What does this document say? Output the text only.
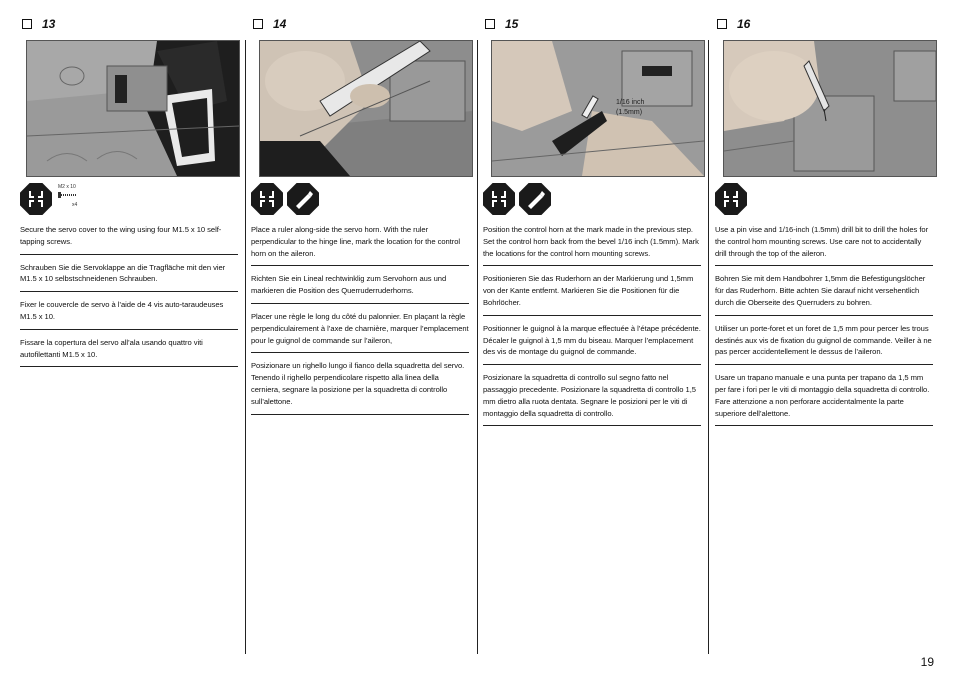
13
M2 x 10
x4
Secure the servo cover to the wing using four M1.5 x 10 self-tapping screws.
Schrauben Sie die Servoklappe an die Tragfläche mit den vier M1.5 x 10 selbstschneidenen Schrauben.
Fixer le couvercle de servo à l’aide de 4 vis auto-taraudeuses M1.5 x 10.
Fissare la copertura del servo all’ala usando quattro viti autofilettanti M1.5 x 10.
14
Place a ruler along-side the servo horn. With the ruler perpendicular to the hinge line, mark the location for the control horn on the aileron.
Richten Sie ein Lineal rechtwinklig zum Servohorn aus und markieren die Position des Querruderruderhorns.
Placer une règle le long du côté du palonnier. En plaçant la règle perpendiculairement à l’axe de charnière, marquer l’emplacement pour le guignol de commande sur l’aileron,
Posizionare un righello lungo il fianco della squadretta del servo. Tenendo il righello perpendicolare rispetto alla linea della cerniera, segnare la posizione per la squadretta di controllo sull’alettone.
15
1/16 inch
(1.5mm)
Position the control horn at the mark made in the previous step. Set the control horn back from the bevel 1/16 inch (1.5mm). Mark the locations for the control horn mounting screws.
Positionieren Sie das Ruderhorn an der Markierung und 1,5mm von der Kante entfernt. Markieren Sie die Positionen für die Bohrlöcher.
Positionner le guignol à la marque effectuée à l’étape précédente. Décaler le guignol à 1,5 mm du biseau. Marquer l’emplacement des vis de montage du guignol de commande.
Posizionare la squadretta di controllo sul segno fatto nel passaggio precedente. Posizionare la squadretta di controllo 1,5 mm dietro alla ruota dentata. Segnare le posizioni per le viti di montaggio della squadretta di controllo.
16
Use a pin vise and 1/16-inch (1.5mm) drill bit to drill the holes for the control horn mounting screws. Use care not to accidentally drill through the top of the aileron.
Bohren Sie mit dem Handbohrer 1,5mm die Befestigungslöcher für das Ruderhorn. Bitte achten Sie darauf nicht versehentlich durch die Oberseite des Querruders zu bohren.
Utiliser un porte-foret et un foret de 1,5 mm pour percer les trous destinés aux vis de fixation du guignol de commande. Veiller à ne pas percer accidentellement le dessus de l’aileron.
Usare un trapano manuale e una punta per trapano da 1,5 mm per fare i fori per le viti di montaggio della squadretta di controllo. Fare attenzione a non perforare accidentalmente la parte superiore dell’alettone.
19
